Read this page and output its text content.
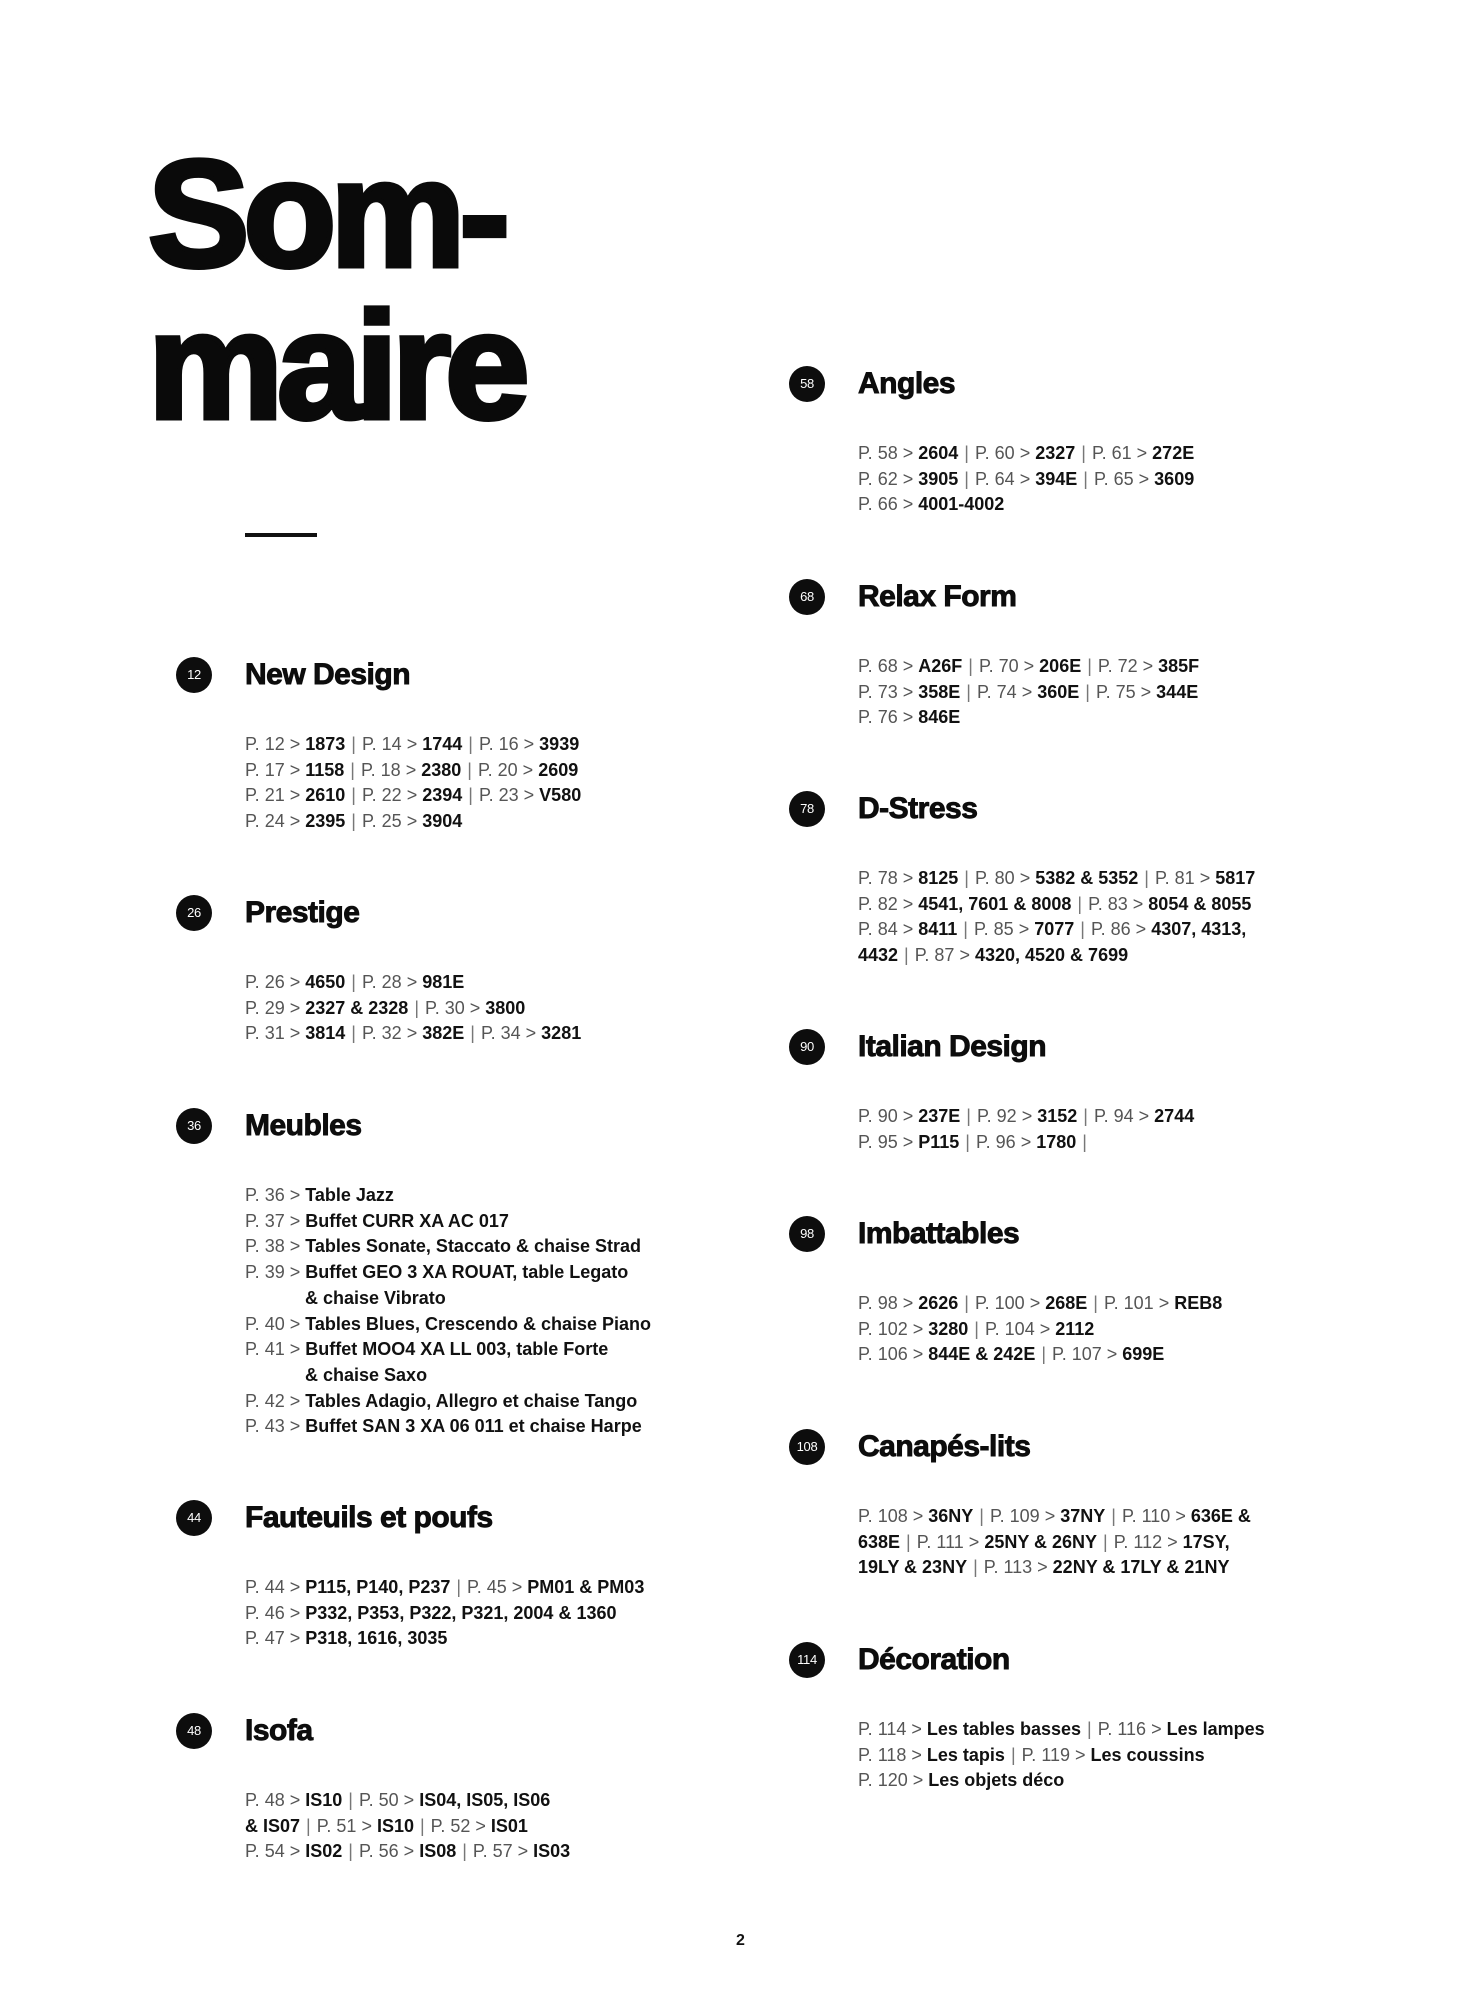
Som-
maire
12	New Design
P. 12 > 1873 | P. 14 > 1744 | P. 16 > 3939
P. 17 > 1158 | P. 18 > 2380 | P. 20 > 2609
P. 21 > 2610 | P. 22 > 2394 | P. 23 > V580
P. 24 > 2395 | P. 25 > 3904
26	Prestige
P. 26 > 4650 | P. 28 > 981E
P. 29 > 2327 & 2328 | P. 30 > 3800
P. 31 > 3814 | P. 32 > 382E | P. 34 > 3281
36	Meubles
P. 36 > Table Jazz
P. 37 > Buffet CURR XA AC 017
P. 38 > Tables Sonate, Staccato & chaise Strad
P. 39 > Buffet GEO 3 XA ROUAT, table Legato
& chaise Vibrato
P. 40 > Tables Blues, Crescendo & chaise Piano
P. 41 > Buffet MOO4 XA LL 003, table Forte
& chaise Saxo
P. 42 > Tables Adagio, Allegro et chaise Tango
P. 43 > Buffet SAN 3 XA 06 011 et chaise Harpe
44	Fauteuils et poufs
P. 44 > P115, P140, P237 | P. 45 > PM01 & PM03
P. 46 > P332, P353, P322, P321, 2004 & 1360
P. 47 > P318, 1616, 3035
48	Isofa
P. 48 > IS10 | P. 50 > IS04, IS05, IS06
& IS07 | P. 51 > IS10 | P. 52 > IS01
P. 54 > IS02 | P. 56 > IS08 | P. 57 > IS03
58	Angles
P. 58 > 2604 | P. 60 > 2327 | P. 61 > 272E
P. 62 > 3905 | P. 64 > 394E | P. 65 > 3609
P. 66 > 4001-4002
68	Relax Form
P. 68 > A26F | P. 70 > 206E | P. 72 > 385F
P. 73 > 358E | P. 74 > 360E | P. 75 > 344E
P. 76 > 846E
78	D-Stress
P. 78 > 8125 | P. 80 > 5382 & 5352 | P. 81 > 5817
P. 82 > 4541, 7601 & 8008 | P. 83 > 8054 & 8055
P. 84 > 8411 | P. 85 > 7077 | P. 86 > 4307, 4313,
4432 | P. 87 > 4320, 4520 & 7699
90	Italian Design
P. 90 > 237E | P. 92 > 3152 | P. 94 > 2744
P. 95 > P115 | P. 96 > 1780 |
98	Imbattables
P. 98 > 2626 | P. 100 > 268E | P. 101 > REB8
P. 102 > 3280 | P. 104 > 2112
P. 106 > 844E & 242E | P. 107 > 699E
108 Canapés-lits
P. 108 > 36NY | P. 109 > 37NY | P. 110 > 636E &
638E | P. 111 > 25NY & 26NY | P. 112 > 17SY,
19LY & 23NY | P. 113 > 22NY & 17LY & 21NY
114 Décoration
P. 114 > Les tables basses | P. 116 > Les lampes
P. 118 > Les tapis | P. 119 > Les coussins
P. 120 > Les objets déco
2
